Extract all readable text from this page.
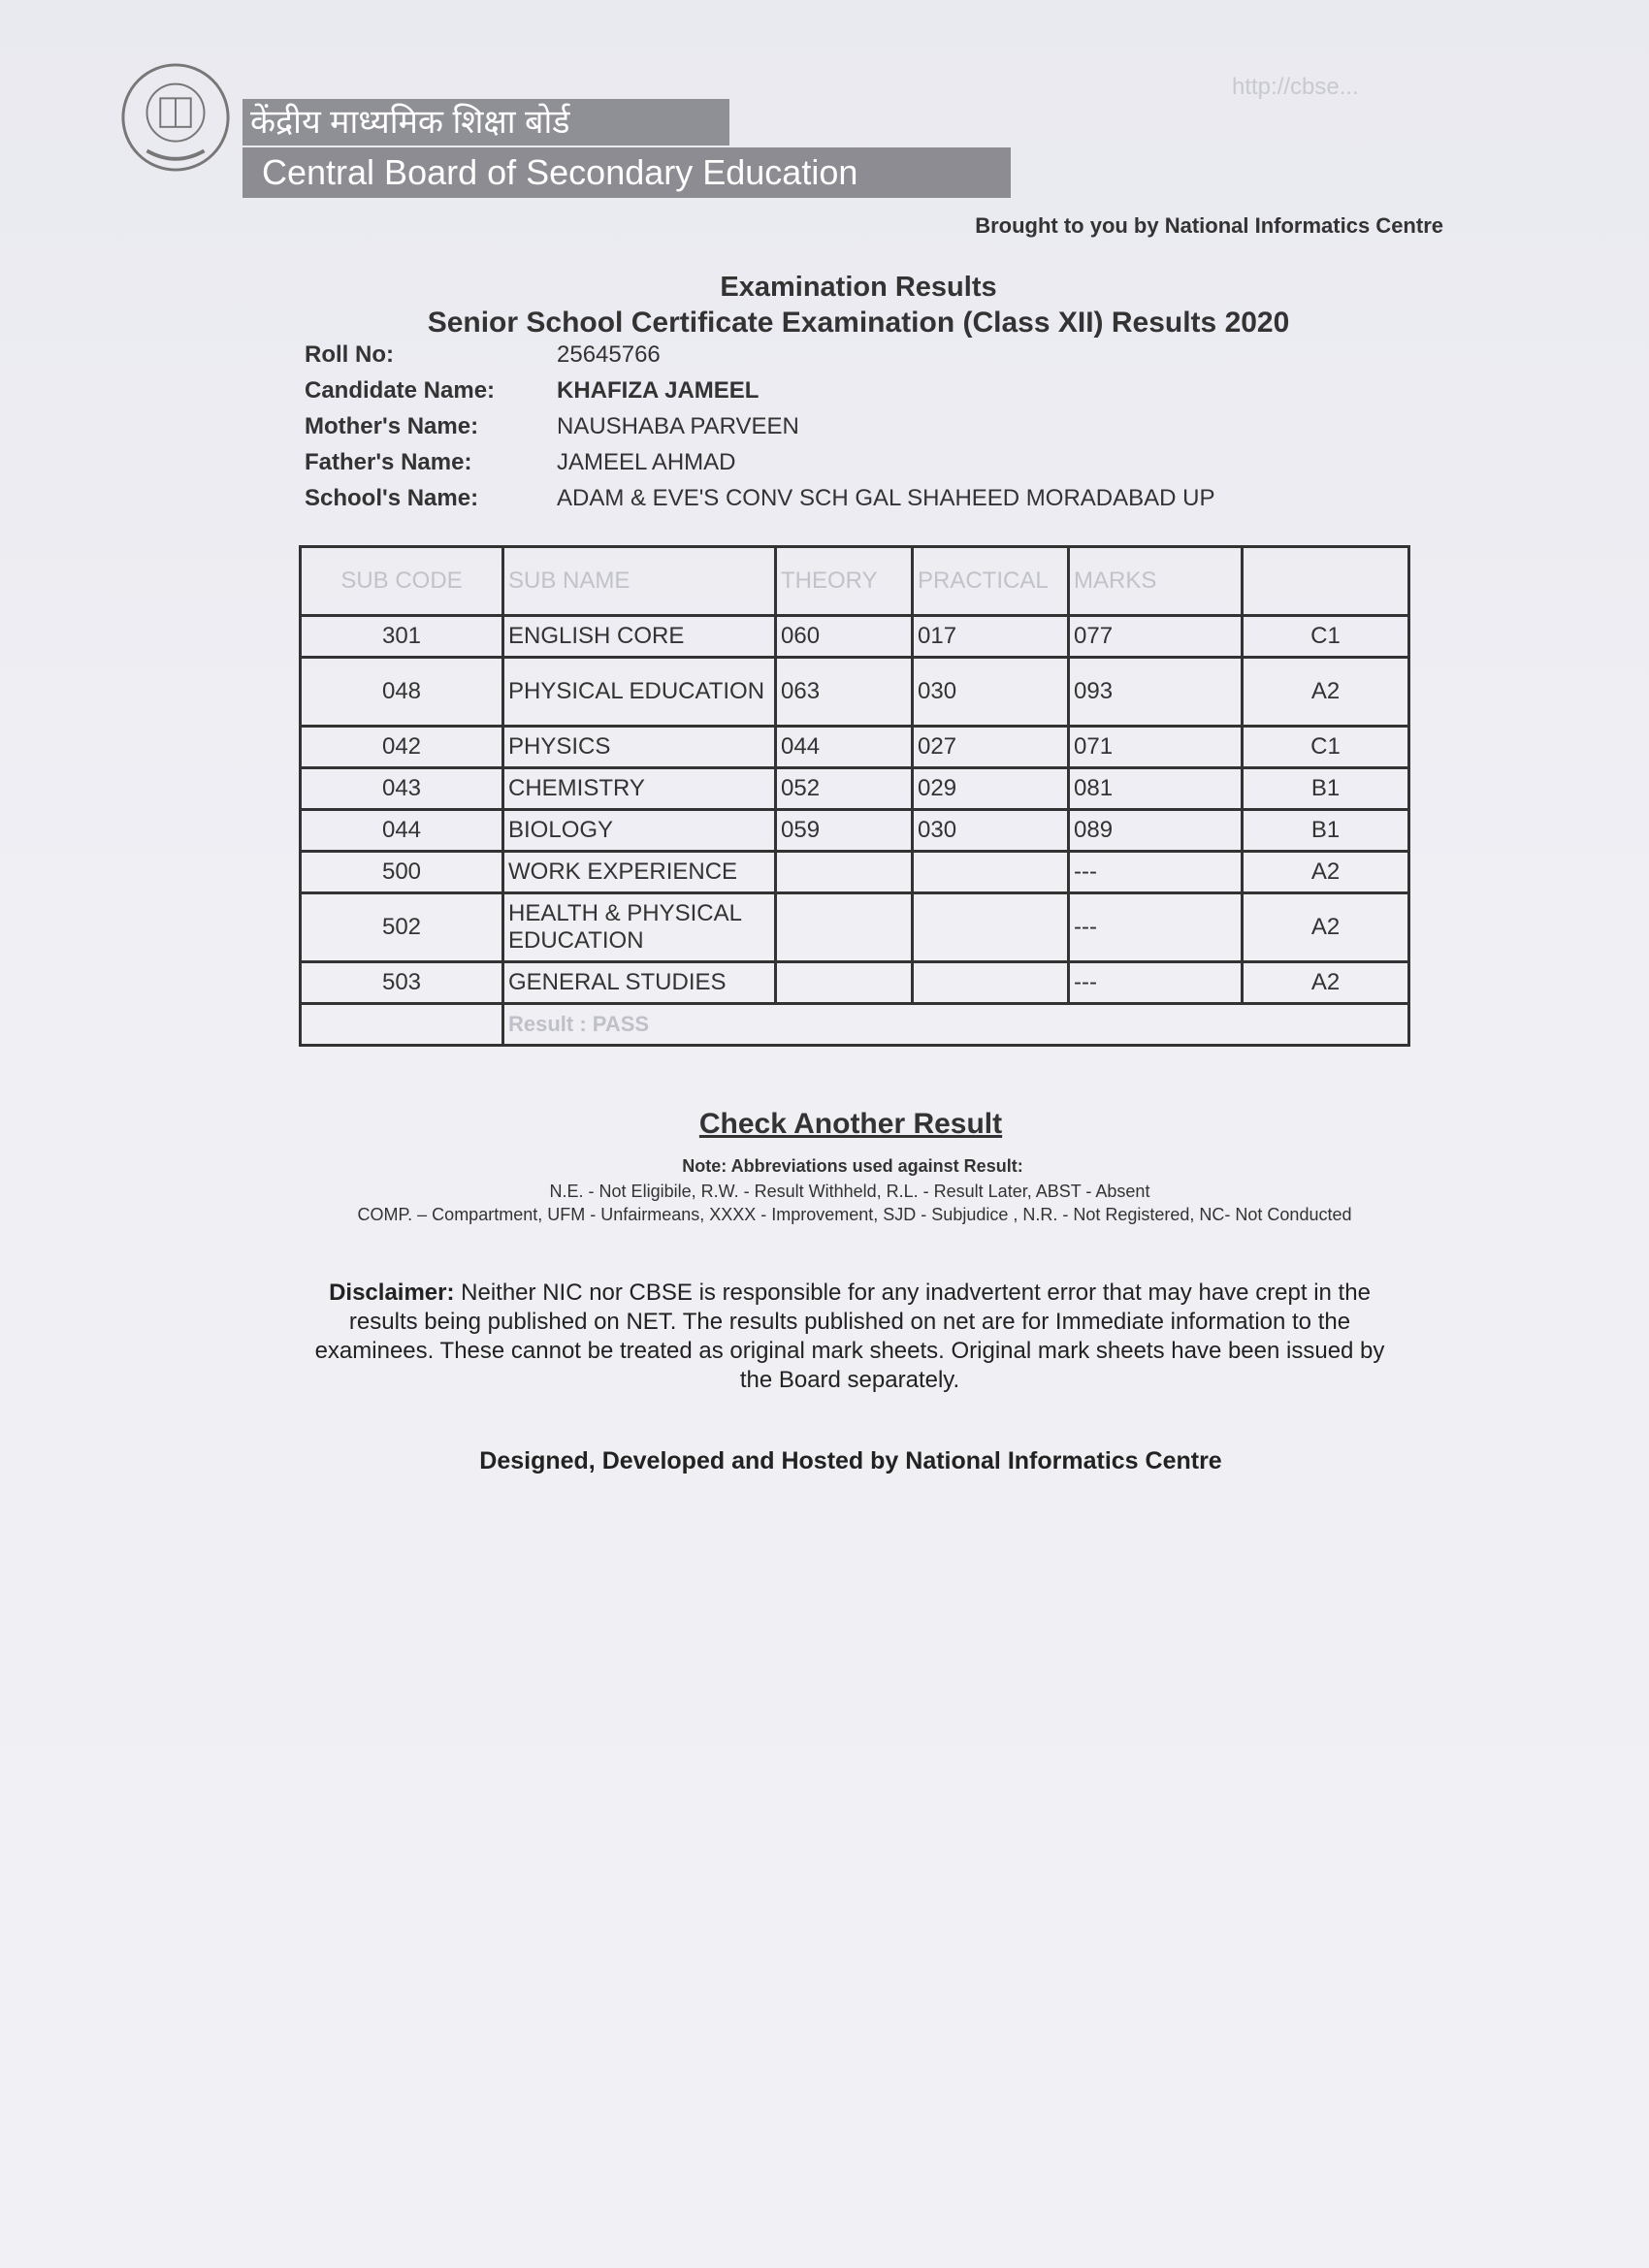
http://cbse...
केंद्रीय माध्यमिक शिक्षा बोर्ड
Central Board of Secondary Education
Brought to you by National Informatics Centre
Examination Results
Senior School Certificate Examination (Class XII) Results 2020
Roll No:	25645766
Candidate Name:	KHAFIZA JAMEEL
Mother's Name:	NAUSHABA PARVEEN
Father's Name:	JAMEEL AHMAD
School's Name:	ADAM & EVE'S CONV SCH GAL SHAHEED MORADABAD UP
SUB CODE	SUB NAME	THEORY	PRACTICAL	MARKS	
301	ENGLISH CORE	060	017	077	C1
048	PHYSICAL EDUCATION	063	030	093	A2
042	PHYSICS	044	027	071	C1
043	CHEMISTRY	052	029	081	B1
044	BIOLOGY	059	030	089	B1
500	WORK EXPERIENCE			---	A2
502	HEALTH & PHYSICAL EDUCATION			---	A2
503	GENERAL STUDIES			---	A2
	Result : PASS				
Check Another Result
Note: Abbreviations used against Result:
N.E. - Not Eligibile, R.W. - Result Withheld, R.L. - Result Later, ABST - Absent
COMP. – Compartment, UFM - Unfairmeans, XXXX - Improvement, SJD - Subjudice , N.R. - Not Registered, NC- Not Conducted
Disclaimer: Neither NIC nor CBSE is responsible for any inadvertent error that may have crept in the results being published on NET. The results published on net are for Immediate information to the examinees. These cannot be treated as original mark sheets. Original mark sheets have been issued by the Board separately.
Designed, Developed and Hosted by National Informatics Centre
